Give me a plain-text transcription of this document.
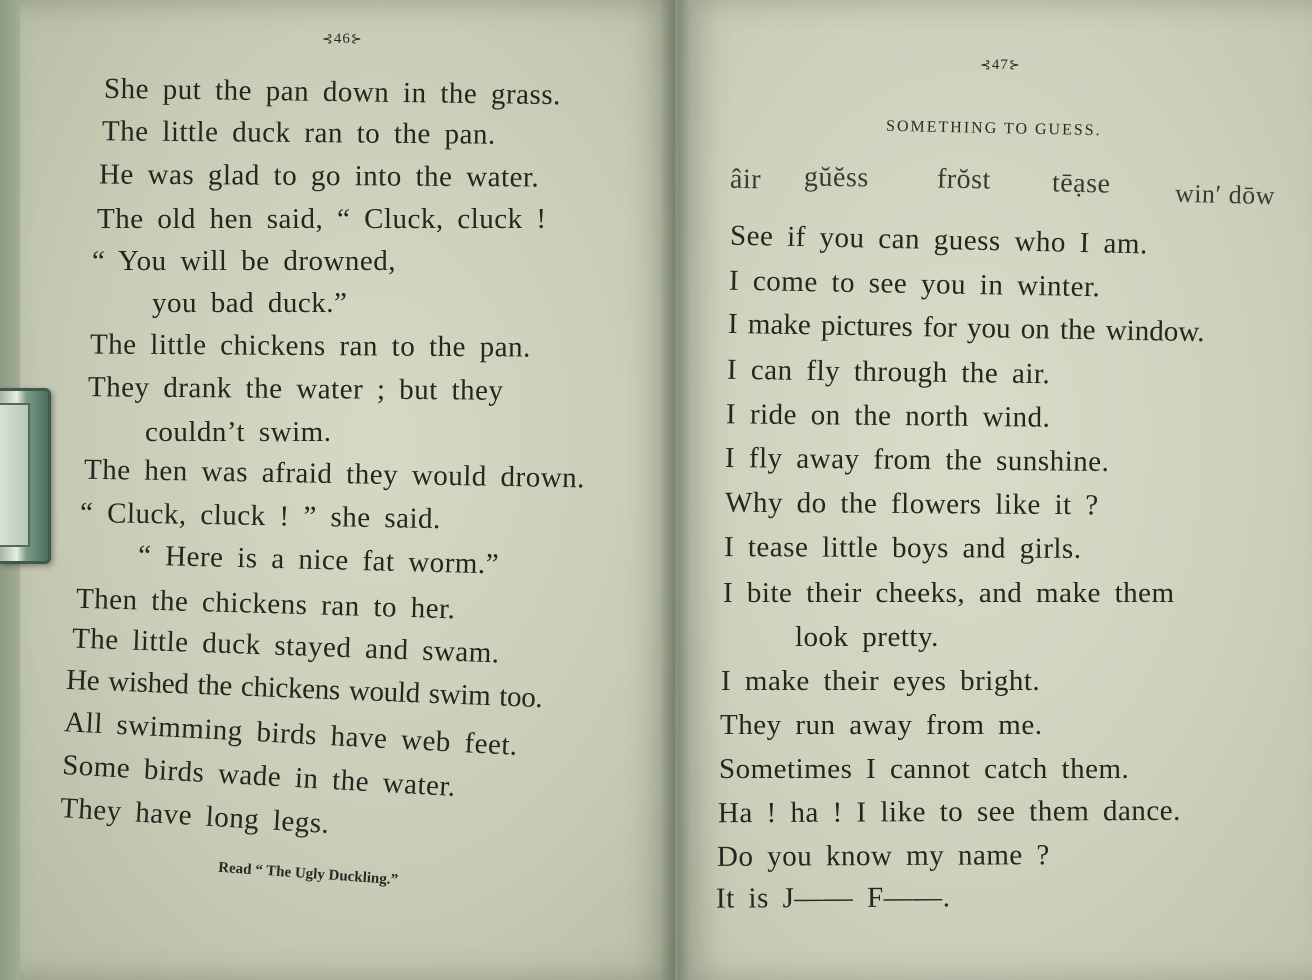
⊰46⊱
She put the pan down in the grass.
The little duck ran to the pan.
He was glad to go into the water.
The old hen said, “ Cluck, cluck !
“ You will be drowned,
you bad duck.”
The little chickens ran to the pan.
They drank the water ; but they
couldn’t swim.
The hen was afraid they would drown.
“ Cluck, cluck ! ” she said.
“ Here is a nice fat worm.”
Then the chickens ran to her.
The little duck stayed and swam.
He wished the chickens would swim too.
All swimming birds have web feet.
Some birds wade in the water.
They have long legs.
Read “ The Ugly Duckling.”
⊰47⊱
SOMETHING TO GUESS.
âir gŭĕss frŏst tēạse win′ dōw
See if you can guess who I am.
I come to see you in winter.
I make pictures for you on the window.
I can fly through the air.
I ride on the north wind.
I fly away from the sunshine.
Why do the flowers like it ?
I tease little boys and girls.
I bite their cheeks, and make them
look pretty.
I make their eyes bright.
They run away from me.
Sometimes I cannot catch them.
Ha ! ha ! I like to see them dance.
Do you know my name ?
It is J—— F——.
